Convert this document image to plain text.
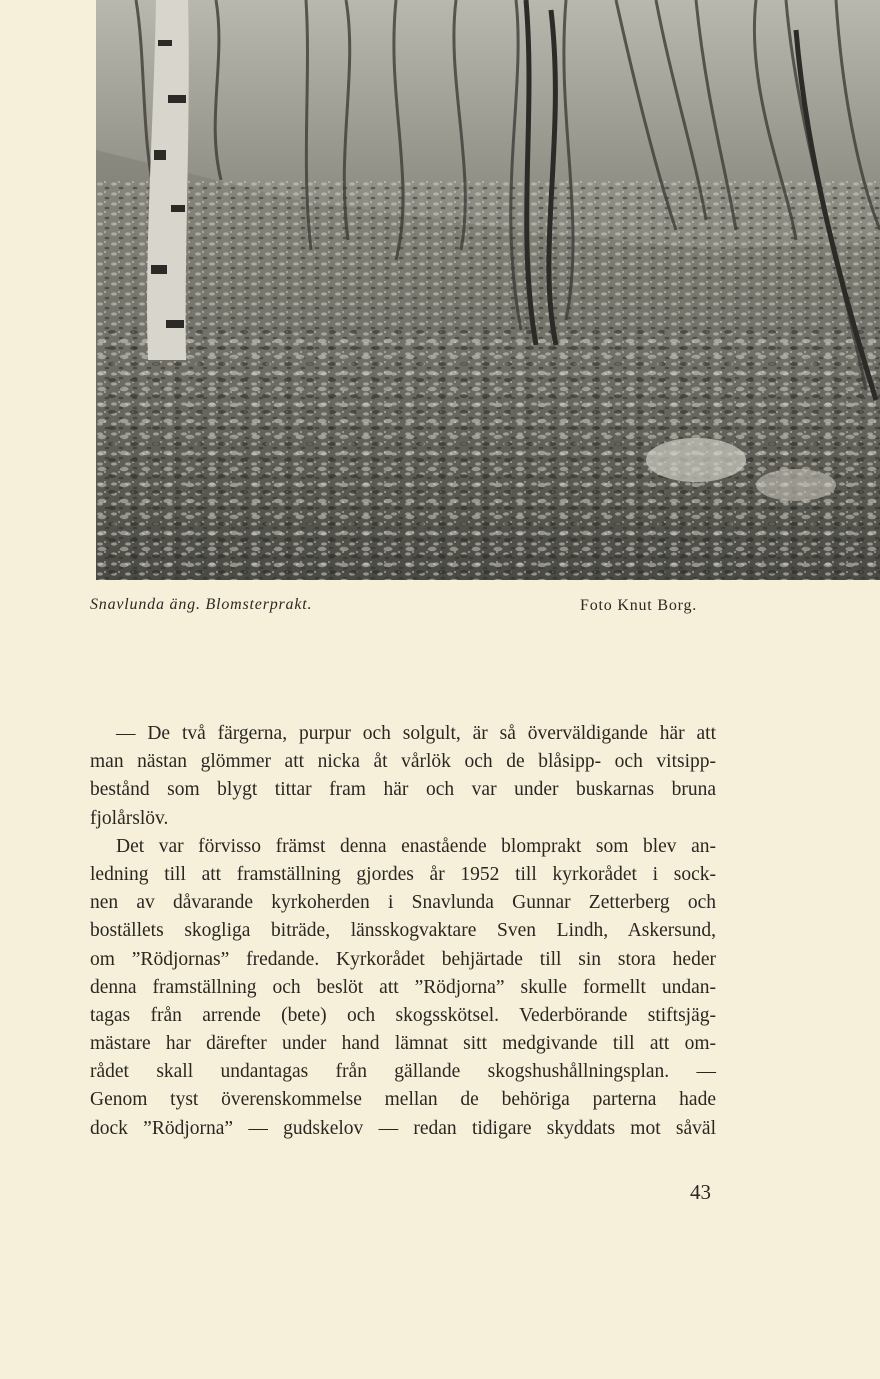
Snavlunda äng. Blomsterprakt.	Foto Knut Borg.
— De två färgerna, purpur och solgult, är så överväldigande här att
man nästan glömmer att nicka åt vårlök och de blåsipp- och vitsipp-
bestånd som blygt tittar fram här och var under buskarnas bruna
fjolårslöv.
Det var förvisso främst denna enastående blomprakt som blev an-
ledning till att framställning gjordes år 1952 till kyrkorådet i sock-
nen av dåvarande kyrkoherden i Snavlunda Gunnar Zetterberg och
boställets skogliga biträde, länsskogvaktare Sven Lindh, Askersund,
om ”Rödjornas” fredande. Kyrkorådet behjärtade till sin stora heder
denna framställning och beslöt att ”Rödjorna” skulle formellt undan-
tagas från arrende (bete) och skogsskötsel. Vederbörande stiftsjäg-
mästare har därefter under hand lämnat sitt medgivande till att om-
rådet skall undantagas från gällande skogshushållningsplan. —
Genom tyst överenskommelse mellan de behöriga parterna hade
dock ”Rödjorna” — gudskelov — redan tidigare skyddats mot såväl
43
